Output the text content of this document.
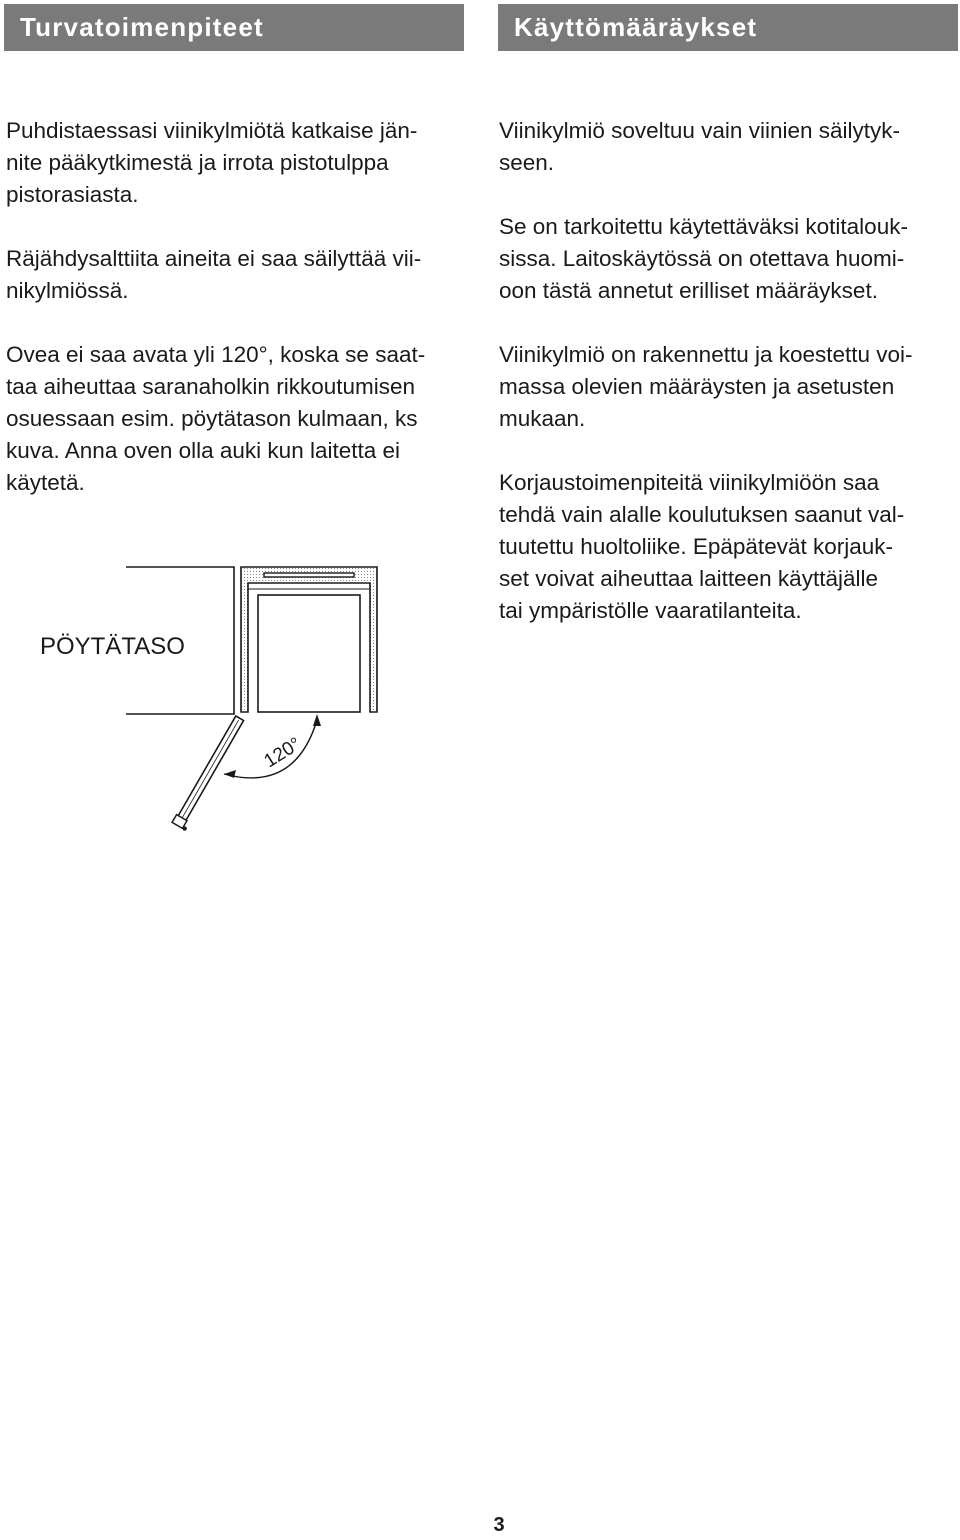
Turvatoimenpiteet	Käyttömääräykset

Puhdistaessasi viinikylmiötä katkaise jän-
nite pääkytkimestä ja irrota pistotulppa
pistorasiasta.

Räjähdysalttiita aineita ei saa säilyttää vii-
nikylmiössä.

Ovea ei saa avata yli 120°, koska se saat-
taa aiheuttaa saranaholkin rikkoutumisen
osuessaan esim. pöytätason kulmaan, ks
kuva. Anna oven olla auki kun laitetta ei
käytetä.

Viinikylmiö soveltuu vain viinien säilytyk-
seen.

Se on tarkoitettu käytettäväksi kotitalouk-
sissa. Laitoskäytössä on otettava huomi-
oon tästä annetut erilliset määräykset.

Viinikylmiö on rakennettu ja koestettu voi-
massa olevien määräysten ja asetusten
mukaan.

Korjaustoimenpiteitä viinikylmiöön saa
tehdä vain alalle koulutuksen saanut val-
tuutettu huoltoliike. Epäpätevät korjauk-
set voivat aiheuttaa laitteen käyttäjälle
tai ympäristölle vaaratilanteita.

PÖYTÄTASO
120°
3
